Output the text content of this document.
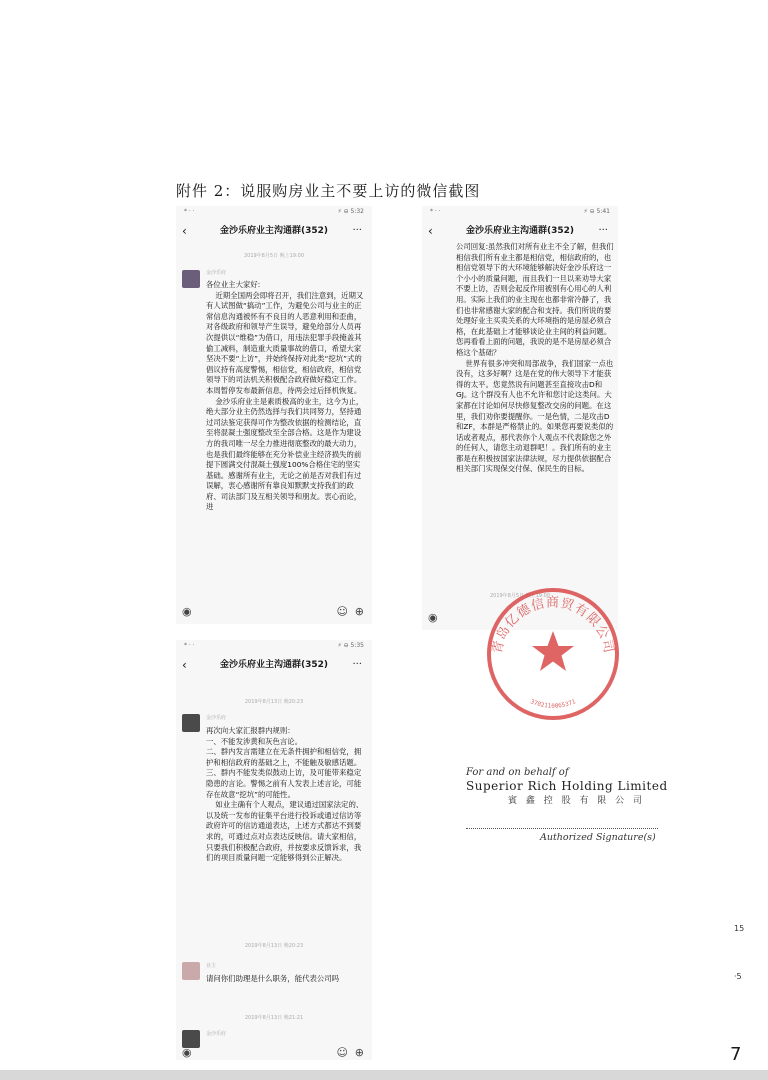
附件 2：说服购房业主不要上访的微信截图
* · ·	⚡ ⊖ 5:32
‹	金沙乐府业主沟通群(352) ···
2019年8月5日 晚上19:00
金沙乐府
各位业主大家好:
近期全国两会即将召开，我们注意到，近期又有人试图做“搞动”工作，为避免公司与业主的正常信息沟通被怀有不良目的人恶意利用和歪曲，对各级政府和领导产生误导，避免给部分人员再次提供以“维稳”为借口，用违法犯罪手段掩盖其偷工减料，制造重大质量事故的借口，希望大家坚决不要“上访”，并始终保持对此类“挖坑”式的倡议持有高度警惕，相信党，相信政府，相信党领导下的司法机关积极配合政府做好稳定工作。本周暂停发布最新信息，待两会过后择机恢复。
金沙乐府业主是素质极高的业主，这今为止，绝大部分业主仍然选择与我们共同努力，坚持通过司法鉴定获得可作为整改依据的检测结论，直至将混凝土强度整改至全部合格。这是作为建设方的我司唯一尽全力推进彻底整改的最大动力，也是我们最终能够在充分补偿业主经济损失的前提下圆满交付混凝土强度100%合格住宅的坚实基础。感谢所有业主，无论之前是否对我们有过误解，衷心感谢所有靠良知默默支持我们的政府、司法部门及互相关领导和朋友。衷心而论，进
◉	☺ ⊕
* · ·	⚡ ⊖ 5:41
‹	金沙乐府业主沟通群(352) ···
公司回复:虽然我们对所有业主不全了解，但我们相信我们所有业主都是相信党，相信政府的，也相信党领导下的大环境能够解决好金沙乐府这一个小小的质量问题，而且我们一旦以来劝导大家不要上访，否则会起反作用被别有心用心的人利用。实际上我们的业主现在也都非常冷静了，我们也非常感谢大家的配合和支持。我们所说的要处理好业主买卖关系的大环境指的是房屋必须合格，在此基础上才能够谈论业主间的利益问题。您再看看上面的问题，我说的是不是房屋必须合格这个基础？
世界有很多冲突和局部战争，我们国家一点也没有，这多好啊？这是在党的伟大领导下才能获得的太平。您竟然说有问题甚至直接攻击D和GJ。这个群没有人也不允许和您讨论这类问。大家都在讨论如何尽快修复整改交房的问题。在这里，我们劝你要提醒你。一是色情，二是攻击D和ZF，本群是严格禁止的。如果您再要说类似的话或者观点，那代表你个人观点不代表除您之外的任何人，请您主动退群吧！。我们所有的业主都是在积极按国家法律法规，尽力提供依据配合相关部门实现保交付保、保民生的目标。
2019年8月5日 晚上19:00
◉
* · ·	⚡ ⊖ 5:35
‹	金沙乐府业主沟通群(352) ···
2019年8月13日 晚20:23
金沙乐府
再次向大家汇报群内规则：
一、不能发涉黄和灰色言论。
二、群内发言需建立在无条件拥护和相信党，拥护和相信政府的基础之上，不能触及敏感话题。
三、群内不能发类似鼓动上访，及可能带来稳定隐患的言论。警惕之前有人发表上述言论，可能存在故意“挖坑”的可能性。
如业主确有个人观点，建议通过国家法定的、以及统一发布的征集平台进行投诉或通过信访等政府许可的信访通道表达，上述方式都达不到要求的，可通过点对点表达反映信。请大家相信，只要我们积极配合政府，并按要求反馈诉求，我们的项目质量问题一定能够得到公正解决。
2019年8月13日 晚20:23
业主
请问你们助理是什么职务，能代表公司吗
2019年8月13日 晚21:21
金沙乐府
◉	☺ ⊕
青岛亿德信商贸有限公司
3702110065371
For and on behalf of
Superior Rich Holding Limited
賓 鑫 控 股 有 限 公 司
Authorized Signature(s)
15
·5
7
